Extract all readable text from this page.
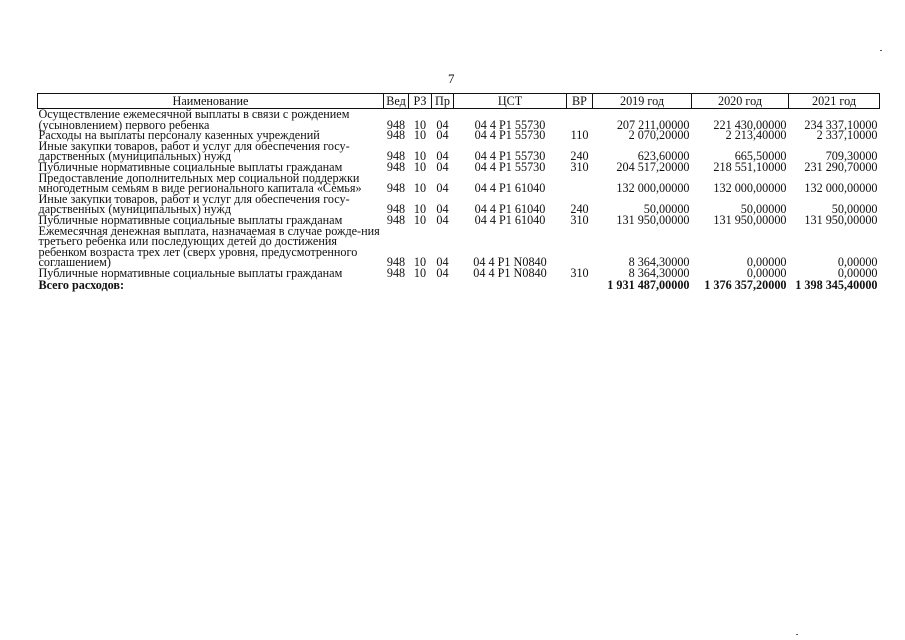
7
Наименование	Вед	РЗ	Пр	ЦСТ	ВР	2019 год	2020 год	2021 год
Осуществление ежемесячной выплаты в связи с рождением (усыновлением) первого ребенка	948	10	04	04 4 P1 55730		207 211,00000	221 430,00000	234 337,10000
Расходы на выплаты персоналу казенных учреждений	948	10	04	04 4 P1 55730	110	2 070,20000	2 213,40000	2 337,10000
Иные закупки товаров, работ и услуг для обеспечения госу-дарственных (муниципальных) нужд	948	10	04	04 4 P1 55730	240	623,60000	665,50000	709,30000
Публичные нормативные социальные выплаты гражданам	948	10	04	04 4 P1 55730	310	204 517,20000	218 551,10000	231 290,70000
Предоставление дополнительных мер социальной поддержки многодетным семьям в виде регионального капитала «Семья»	948	10	04	04 4 P1 61040		132 000,00000	132 000,00000	132 000,00000
Иные закупки товаров, работ и услуг для обеспечения госу-дарственных (муниципальных) нужд	948	10	04	04 4 P1 61040	240	50,00000	50,00000	50,00000
Публичные нормативные социальные выплаты гражданам	948	10	04	04 4 P1 61040	310	131 950,00000	131 950,00000	131 950,00000
Ежемесячная денежная выплата, назначаемая в случае рожде-ния третьего ребенка или последующих детей до достижения ребенком возраста трех лет (сверх уровня, предусмотренного соглашением)	948	10	04	04 4 P1 N0840		8 364,30000	0,00000	0,00000
Публичные нормативные социальные выплаты гражданам	948	10	04	04 4 P1 N0840	310	8 364,30000	0,00000	0,00000
Всего расходов:						1 931 487,00000	1 376 357,20000	1 398 345,40000
